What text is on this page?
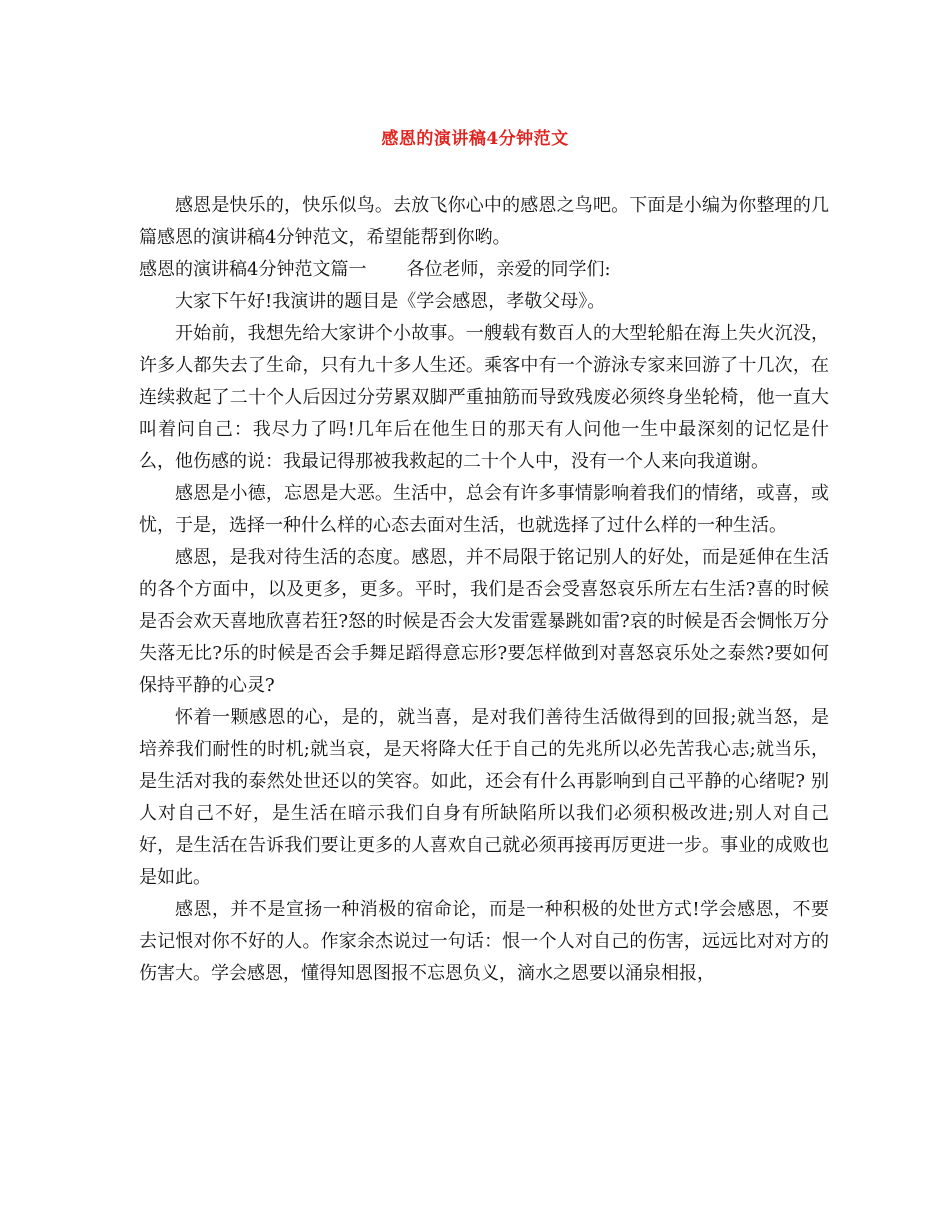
感恩的演讲稿4分钟范文

感恩是快乐的，快乐似鸟。去放飞你心中的感恩之鸟吧。下面是小编为你整理的几篇感恩的演讲稿4分钟范文，希望能帮到你哟。

感恩的演讲稿4分钟范文篇一 各位老师，亲爱的同学们:

大家下午好!我演讲的题目是《学会感恩，孝敬父母》。

开始前，我想先给大家讲个小故事。一艘载有数百人的大型轮船在海上失火沉没，许多人都失去了生命，只有九十多人生还。乘客中有一个游泳专家来回游了十几次，在连续救起了二十个人后因过分劳累双脚严重抽筋而导致残废必须终身坐轮椅，他一直大叫着问自己：我尽力了吗!几年后在他生日的那天有人问他一生中最深刻的记忆是什么，他伤感的说：我最记得那被我救起的二十个人中，没有一个人来向我道谢。

感恩是小德，忘恩是大恶。生活中，总会有许多事情影响着我们的情绪，或喜，或忧，于是，选择一种什么样的心态去面对生活，也就选择了过什么样的一种生活。

感恩，是我对待生活的态度。感恩，并不局限于铭记别人的好处，而是延伸在生活的各个方面中，以及更多，更多。平时，我们是否会受喜怒哀乐所左右生活?喜的时候是否会欢天喜地欣喜若狂?怒的时候是否会大发雷霆暴跳如雷?哀的时候是否会惆怅万分失落无比?乐的时候是否会手舞足蹈得意忘形?要怎样做到对喜怒哀乐处之泰然?要如何保持平静的心灵?

怀着一颗感恩的心，是的，就当喜，是对我们善待生活做得到的回报;就当怒，是培养我们耐性的时机;就当哀，是天将降大任于自己的先兆所以必先苦我心志;就当乐，是生活对我的泰然处世还以的笑容。如此，还会有什么再影响到自己平静的心绪呢? 别人对自己不好，是生活在暗示我们自身有所缺陷所以我们必须积极改进;别人对自己好，是生活在告诉我们要让更多的人喜欢自己就必须再接再厉更进一步。事业的成败也是如此。

感恩，并不是宣扬一种消极的宿命论，而是一种积极的处世方式!学会感恩，不要去记恨对你不好的人。作家余杰说过一句话：恨一个人对自己的伤害，远远比对对方的伤害大。学会感恩，懂得知恩图报不忘恩负义，滴水之恩要以涌泉相报，
